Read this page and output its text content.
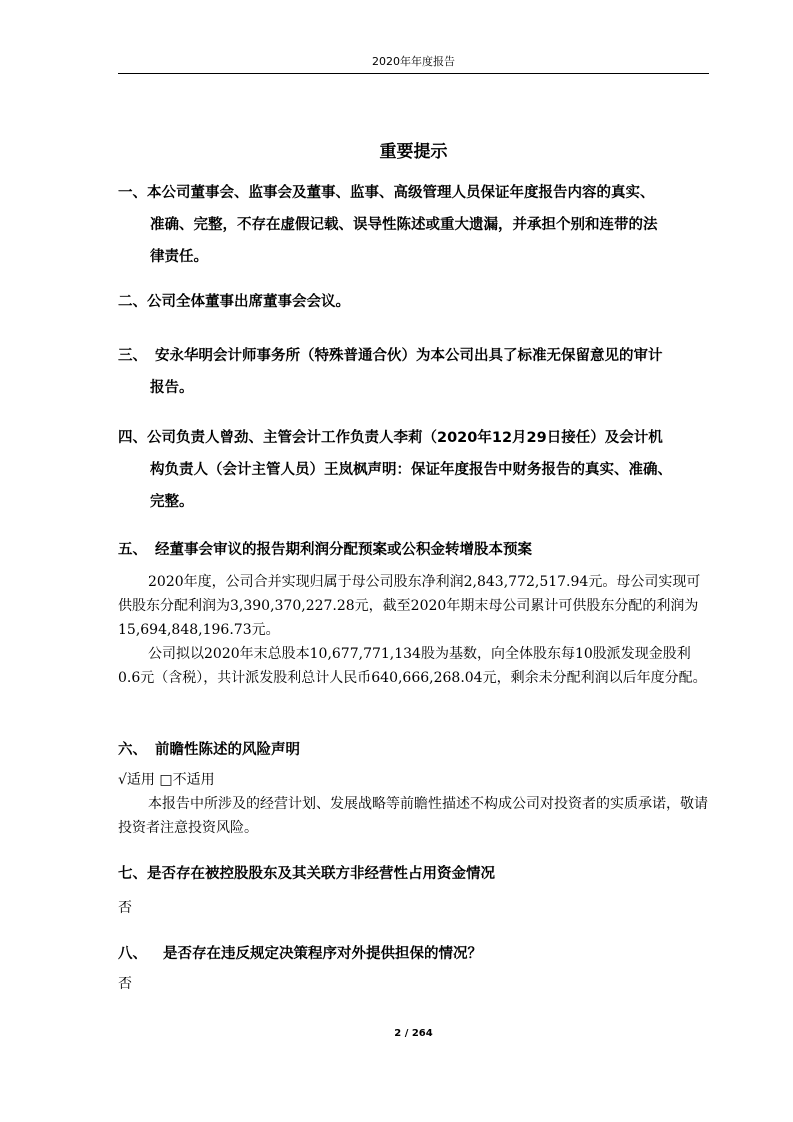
2020年年度报告
重要提示
一、本公司董事会、监事会及董事、监事、高级管理人员保证年度报告内容的真实、
准确、完整，不存在虚假记载、误导性陈述或重大遗漏，并承担个别和连带的法
律责任。
二、公司全体董事出席董事会会议。
三、 安永华明会计师事务所（特殊普通合伙）为本公司出具了标准无保留意见的审计
报告。
四、公司负责人曾劲、主管会计工作负责人李莉（2020年12月29日接任）及会计机
构负责人（会计主管人员）王岚枫声明：保证年度报告中财务报告的真实、准确、
完整。
五、 经董事会审议的报告期利润分配预案或公积金转增股本预案

2020年度，公司合并实现归属于母公司股东净利润2,843,772,517.94元。母公司实现可供股东分配利润为3,390,370,227.28元，截至2020年期末母公司累计可供股东分配的利润为15,694,848,196.73元。

公司拟以2020年末总股本10,677,771,134股为基数，向全体股东每10股派发现金股利0.6元（含税），共计派发股利总计人民币640,666,268.04元，剩余未分配利润以后年度分配。

六、 前瞻性陈述的风险声明

√适用 □不适用

本报告中所涉及的经营计划、发展战略等前瞻性描述不构成公司对投资者的实质承诺，敬请投资者注意投资风险。

七、是否存在被控股股东及其关联方非经营性占用资金情况
否
八、 是否存在违反规定决策程序对外提供担保的情况？
否
2 / 264
